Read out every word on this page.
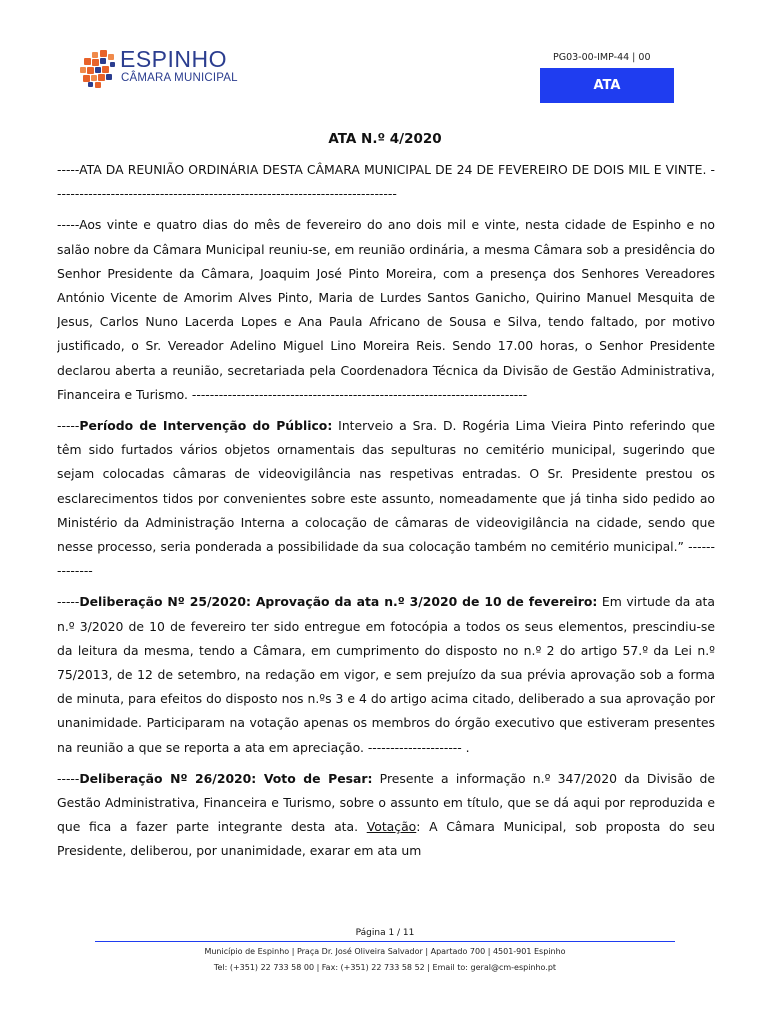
ESPINHO
CÂMARA MUNICIPAL
PG03-00-IMP-44 | 00
ATA
ATA N.º 4/2020

-----ATA DA REUNIÃO ORDINÁRIA DESTA CÂMARA MUNICIPAL DE 24 DE FEVEREIRO DE DOIS MIL E VINTE. -----------------------------------------------------------------------------

-----Aos vinte e quatro dias do mês de fevereiro do ano dois mil e vinte, nesta cidade de Espinho e no salão nobre da Câmara Municipal reuniu-se, em reunião ordinária, a mesma Câmara sob a presidência do Senhor Presidente da Câmara, Joaquim José Pinto Moreira, com a presença dos Senhores Vereadores António Vicente de Amorim Alves Pinto, Maria de Lurdes Santos Ganicho, Quirino Manuel Mesquita de Jesus, Carlos Nuno Lacerda Lopes e Ana Paula Africano de Sousa e Silva, tendo faltado, por motivo justificado, o Sr. Vereador Adelino Miguel Lino Moreira Reis. Sendo 17.00 horas, o Senhor Presidente declarou aberta a reunião, secretariada pela Coordenadora Técnica da Divisão de Gestão Administrativa, Financeira e Turismo. ---------------------------------------------------------------------------

-----Período de Intervenção do Público: Interveio a Sra. D. Rogéria Lima Vieira Pinto referindo que têm sido furtados vários objetos ornamentais das sepulturas no cemitério municipal, sugerindo que sejam colocadas câmaras de videovigilância nas respetivas entradas. O Sr. Presidente prestou os esclarecimentos tidos por convenientes sobre este assunto, nomeadamente que já tinha sido pedido ao Ministério da Administração Interna a colocação de câmaras de videovigilância na cidade, sendo que nesse processo, seria ponderada a possibilidade da sua colocação também no cemitério municipal.” --------------

-----Deliberação Nº 25/2020: Aprovação da ata n.º 3/2020 de 10 de fevereiro: Em virtude da ata n.º 3/2020 de 10 de fevereiro ter sido entregue em fotocópia a todos os seus elementos, prescindiu-se da leitura da mesma, tendo a Câmara, em cumprimento do disposto no n.º 2 do artigo 57.º da Lei n.º 75/2013, de 12 de setembro, na redação em vigor, e sem prejuízo da sua prévia aprovação sob a forma de minuta, para efeitos do disposto nos n.ºs 3 e 4 do artigo acima citado, deliberado a sua aprovação por unanimidade. Participaram na votação apenas os membros do órgão executivo que estiveram presentes na reunião a que se reporta a ata em apreciação. --------------------- .

-----Deliberação Nº 26/2020: Voto de Pesar: Presente a informação n.º 347/2020 da Divisão de Gestão Administrativa, Financeira e Turismo, sobre o assunto em título, que se dá aqui por reproduzida e que fica a fazer parte integrante desta ata. Votação: A Câmara Municipal, sob proposta do seu Presidente, deliberou, por unanimidade, exarar em ata um

Página 1 / 11
Município de Espinho | Praça Dr. José Oliveira Salvador | Apartado 700 | 4501-901 Espinho
Tel: (+351) 22 733 58 00 | Fax: (+351) 22 733 58 52 | Email to: geral@cm-espinho.pt
